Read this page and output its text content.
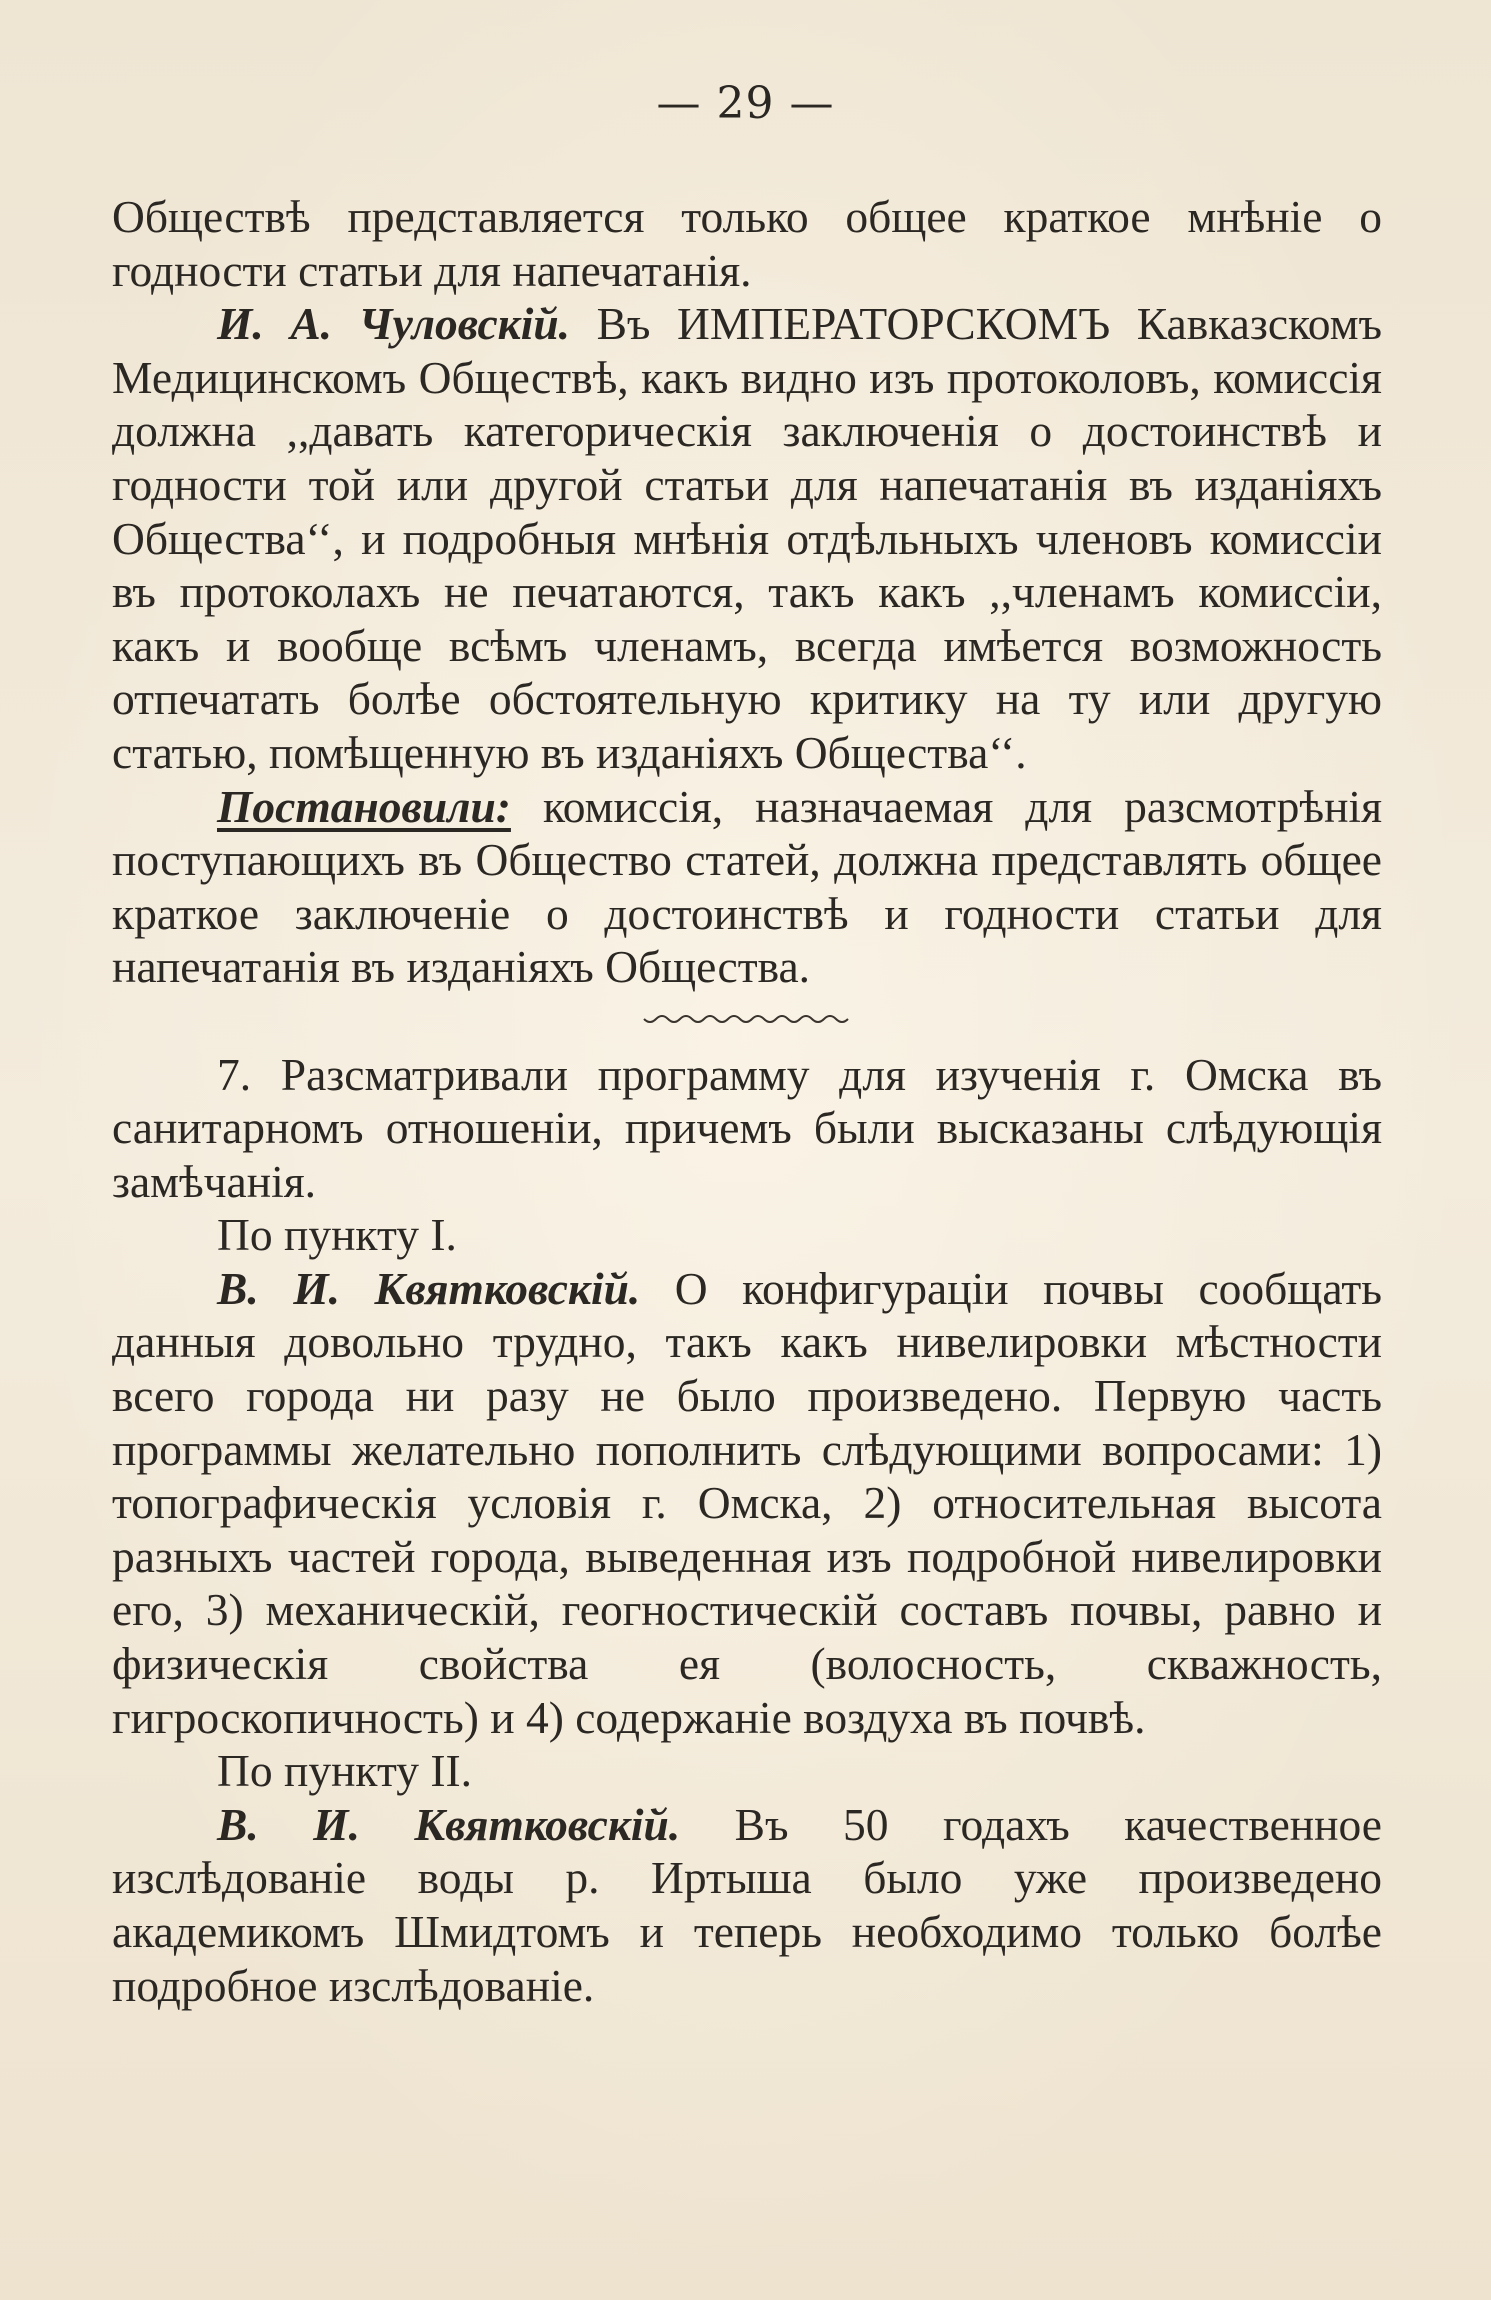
— 29 —

Обществѣ представляется только общее краткое мнѣніе о годности статьи для напечатанія.

И. А. Чуловскій. Въ ИМПЕРАТОРСКОМЪ Кавказскомъ Медицинскомъ Обществѣ, какъ видно изъ протоколовъ, комиссія должна ,,давать категорическія заключенія о достоинствѣ и годности той или другой статьи для напечатанія въ изданіяхъ Общества‘‘, и подробныя мнѣнія отдѣльныхъ членовъ комиссіи въ протоколахъ не печатаются, такъ какъ ,,членамъ комиссіи, какъ и вообще всѣмъ членамъ, всегда имѣется возможность отпечатать болѣе обстоятельную критику на ту или другую статью, помѣщенную въ изданіяхъ Общества‘‘.

Постановили: комиссія, назначаемая для разсмотрѣнія поступающихъ въ Общество статей, должна представлять общее краткое заключеніе о достоинствѣ и годности статьи для напечатанія въ изданіяхъ Общества.

7. Разсматривали программу для изученія г. Омска въ санитарномъ отношеніи, причемъ были высказаны слѣдующія замѣчанія.

По пункту I.

В. И. Квятковскій. О конфигураціи почвы сообщать данныя довольно трудно, такъ какъ нивелировки мѣстности всего города ни разу не было произведено. Первую часть программы желательно пополнить слѣдующими вопросами: 1) топографическія условія г. Омска, 2) относительная высота разныхъ частей города, выведенная изъ подробной нивелировки его, 3) механическій, геогностическій составъ почвы, равно и физическія свойства ея (волосность, скважность, гигроскопичность) и 4) содержаніе воздуха въ почвѣ.

По пункту II.

В. И. Квятковскій. Въ 50 годахъ качественное изслѣдованіе воды р. Иртыша было уже произведено академикомъ Шмидтомъ и теперь необходимо только болѣе подробное изслѣдованіе.
